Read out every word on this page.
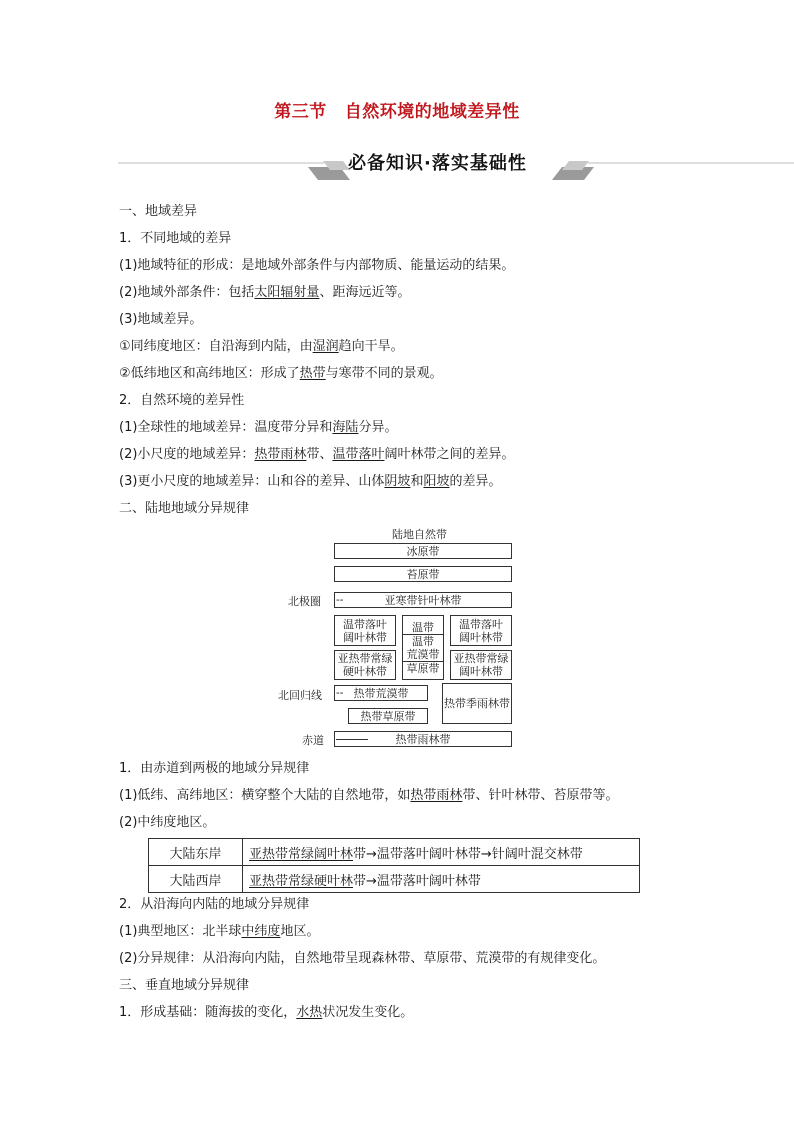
第三节 自然环境的地域差异性
必备知识·落实基础性
一、地域差异
1．不同地域的差异
(1)地域特征的形成：是地域外部条件与内部物质、能量运动的结果。
(2)地域外部条件：包括太阳辐射量、距海远近等。
(3)地域差异。
①同纬度地区：自沿海到内陆，由湿润趋向干旱。
②低纬地区和高纬地区：形成了热带与寒带不同的景观。
2．自然环境的差异性
(1)全球性的地域差异：温度带分异和海陆分异。
(2)小尺度的地域差异：热带雨林带、温带落叶阔叶林带之间的差异。
(3)更小尺度的地域差异：山和谷的差异、山体阴坡和阳坡的差异。
二、陆地地域分异规律
陆地自然带
冰原带
苔原带
北极圈	亚寒带针叶林带
--
温带落叶
阔叶林带
亚热带常绿
硬叶林带
温带
温带
荒漠带
草原带
温带落叶
阔叶林带
亚热带常绿
阔叶林带
北回归线	热带荒漠带
--
热带季雨林带
热带草原带
赤道	热带雨林带
1．由赤道到两极的地域分异规律
(1)低纬、高纬地区：横穿整个大陆的自然地带，如热带雨林带、针叶林带、苔原带等。
(2)中纬度地区。
大陆东岸	亚热带常绿阔叶林带→温带落叶阔叶林带→针阔叶混交林带
大陆西岸	亚热带常绿硬叶林带→温带落叶阔叶林带
2．从沿海向内陆的地域分异规律
(1)典型地区：北半球中纬度地区。
(2)分异规律：从沿海向内陆，自然地带呈现森林带、草原带、荒漠带的有规律变化。
三、垂直地域分异规律
1．形成基础：随海拔的变化，水热状况发生变化。
